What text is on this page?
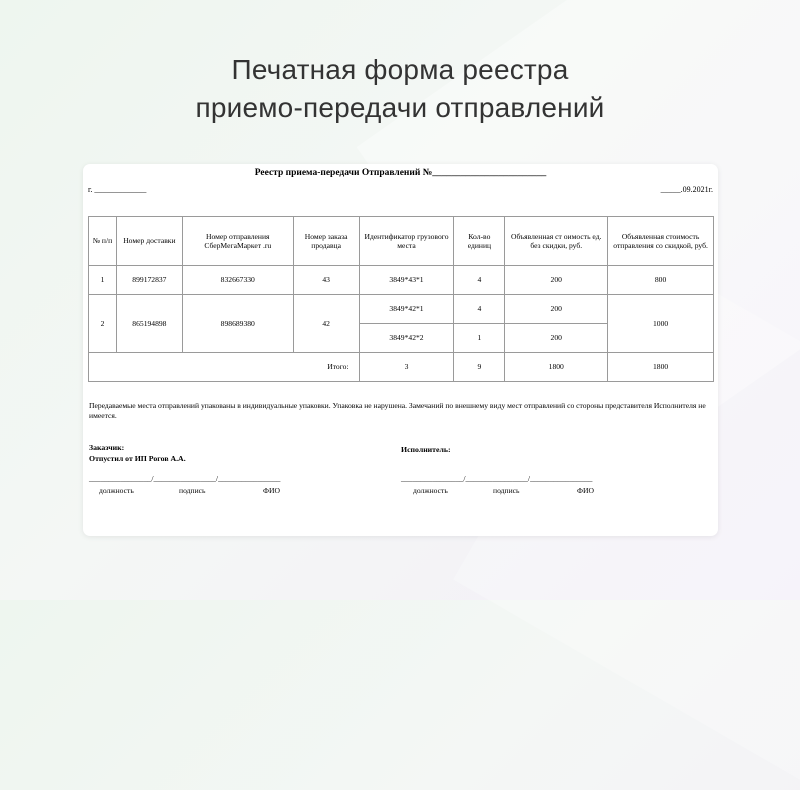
Печатная форма реестра
приемо-передачи отправлений
Реестр приема-передачи Отправлений №________________________
г. _____________	_____.09.2021г.
№ п/п	Номер доставки	Номер отправления СберМегаМаркет .ru	Номер заказа продавца	Идентификатор грузового места	Кол-во единиц	Объявленная ст оимость ед. без скидки, руб.	Объявленная стоимость отправления со скидкой, руб.
1	899172837	832667330	43	3849*43*1	4	200	800
2	865194898	898689380	42	3849*42*1	4	200	1000
				3849*42*2	1	200	
Итого:				3	9	1800	1800
Передаваемые места отправлений упакованы в индивидуальные упаковки. Упаковка не нарушена. Замечаний по внешнему виду мест отправлений со стороны представителя Исполнителя не имеется.
Заказчик:
Отпустил от ИП Рогов А.А.
Исполнитель:
________________/________________/________________	________________/________________/________________
должность	подпись	ФИО	должность	подпись	ФИО
